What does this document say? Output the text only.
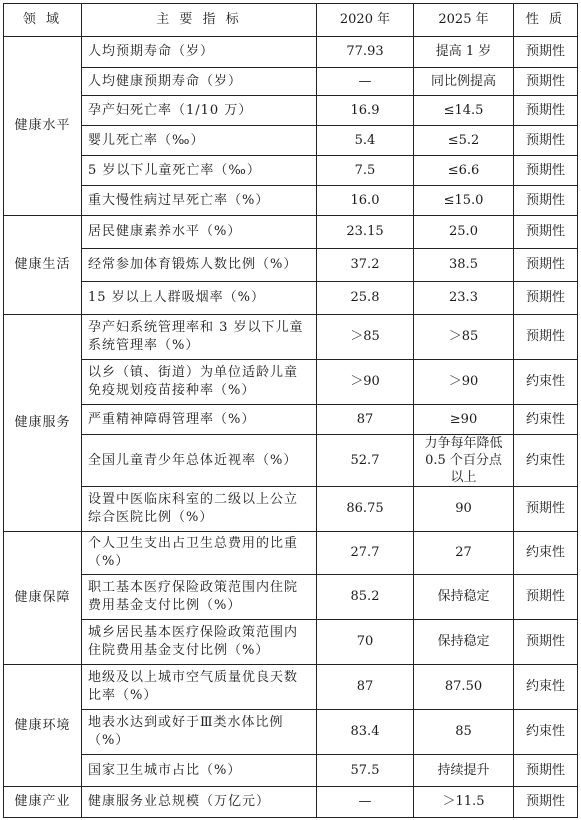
领 域	主 要 指 标	2020 年	2025 年	性 质
健康水平	人均预期寿命（岁）	77.93	提高 1 岁	预期性
	人均健康预期寿命（岁）	—	同比例提高	预期性
	孕产妇死亡率（1/10 万）	16.9	≤14.5	预期性
	婴儿死亡率（‰）	5.4	≤5.2	预期性
	5 岁以下儿童死亡率（‰）	7.5	≤6.6	预期性
	重大慢性病过早死亡率（%）	16.0	≤15.0	预期性
健康生活	居民健康素养水平（%）	23.15	25.0	预期性
	经常参加体育锻炼人数比例（%）	37.2	38.5	预期性
	15 岁以上人群吸烟率（%）	25.8	23.3	预期性
健康服务	孕产妇系统管理率和 3 岁以下儿童系统管理率（%）	＞85	＞85	预期性
	以乡（镇、街道）为单位适龄儿童免疫规划疫苗接种率（%）	＞90	＞90	约束性
	严重精神障碍管理率（%）	87	≥90	约束性
	全国儿童青少年总体近视率（%）	52.7	力争每年降低 0.5 个百分点以上	约束性
	设置中医临床科室的二级以上公立综合医院比例（%）	86.75	90	预期性
健康保障	个人卫生支出占卫生总费用的比重（%）	27.7	27	约束性
	职工基本医疗保险政策范围内住院费用基金支付比例（%）	85.2	保持稳定	预期性
	城乡居民基本医疗保险政策范围内住院费用基金支付比例（%）	70	保持稳定	预期性
健康环境	地级及以上城市空气质量优良天数比率（%）	87	87.50	约束性
	地表水达到或好于Ⅲ类水体比例（%）	83.4	85	约束性
	国家卫生城市占比（%）	57.5	持续提升	预期性
健康产业	健康服务业总规模（万亿元）	—	＞11.5	预期性
